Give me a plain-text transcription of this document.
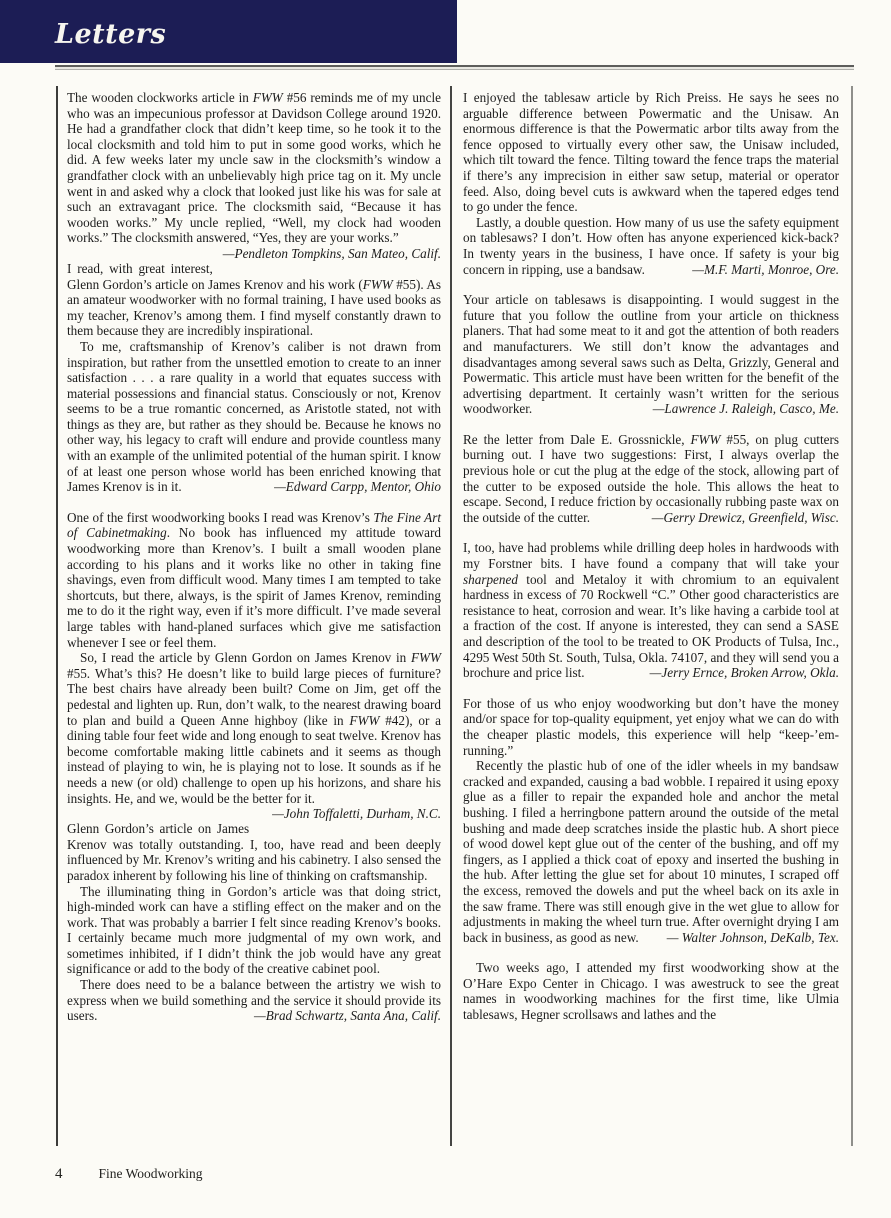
Letters

The wooden clockworks article in FWW #56 reminds me of my uncle who was an impecunious professor at Davidson College around 1920. He had a grandfather clock that didn’t keep time, so he took it to the local clocksmith and told him to put in some good works, which he did. A few weeks later my uncle saw in the clocksmith’s window a grandfather clock with an unbelievably high price tag on it. My uncle went in and asked why a clock that looked just like his was for sale at such an extravagant price. The clocksmith said, “Because it has wooden works.” My uncle replied, “Well, my clock had wooden works.” The clocksmith answered, “Yes, they are your works.”
—Pendleton Tompkins, San Mateo, Calif.

I read, with great interest, Glenn Gordon’s article on James Krenov and his work (FWW #55). As an amateur woodworker with no formal training, I have used books as my teacher, Krenov’s among them. I find myself constantly drawn to them because they are incredibly inspirational.

To me, craftsmanship of Krenov’s caliber is not drawn from inspiration, but rather from the unsettled emotion to create to an inner satisfaction . . . a rare quality in a world that equates success with material possessions and financial status. Consciously or not, Krenov seems to be a true romantic concerned, as Aristotle stated, not with things as they are, but rather as they should be. Because he knows no other way, his legacy to craft will endure and provide countless many with an example of the unlimited potential of the human spirit. I know of at least one person whose world has been enriched knowing that James Krenov is in it.	—Edward Carpp, Mentor, Ohio

One of the first woodworking books I read was Krenov’s The Fine Art of Cabinetmaking. No book has influenced my attitude toward woodworking more than Krenov’s. I built a small wooden plane according to his plans and it works like no other in taking fine shavings, even from difficult wood. Many times I am tempted to take shortcuts, but there, always, is the spirit of James Krenov, reminding me to do it the right way, even if it’s more difficult. I’ve made several large tables with hand-planed surfaces which give me satisfaction whenever I see or feel them.

So, I read the article by Glenn Gordon on James Krenov in FWW #55. What’s this? He doesn’t like to build large pieces of furniture? The best chairs have already been built? Come on Jim, get off the pedestal and lighten up. Run, don’t walk, to the nearest drawing board to plan and build a Queen Anne highboy (like in FWW #42), or a dining table four feet wide and long enough to seat twelve. Krenov has become comfortable making little cabinets and it seems as though instead of playing to win, he is playing not to lose. It sounds as if he needs a new (or old) challenge to open up his horizons, and share his insights. He, and we, would be the better for it.
—John Toffaletti, Durham, N.C.

Glenn Gordon’s article on James Krenov was totally outstanding. I, too, have read and been deeply influenced by Mr. Krenov’s writing and his cabinetry. I also sensed the paradox inherent by following his line of thinking on craftsmanship.

The illuminating thing in Gordon’s article was that doing strict, high-minded work can have a stifling effect on the maker and on the work. That was probably a barrier I felt since reading Krenov’s books. I certainly became much more judgmental of my own work, and sometimes inhibited, if I didn’t think the job would have any great significance or add to the body of the creative cabinet pool.

There does need to be a balance between the artistry we wish to express when we build something and the service it should provide its users.	—Brad Schwartz, Santa Ana, Calif.

I enjoyed the tablesaw article by Rich Preiss. He says he sees no arguable difference between Powermatic and the Unisaw. An enormous difference is that the Powermatic arbor tilts away from the fence opposed to virtually every other saw, the Unisaw included, which tilt toward the fence. Tilting toward the fence traps the material if there’s any imprecision in either saw setup, material or operator feed. Also, doing bevel cuts is awkward when the tapered edges tend to go under the fence.

Lastly, a double question. How many of us use the safety equipment on tablesaws? I don’t. How often has anyone experienced kick-back? In twenty years in the business, I have once. If safety is your big concern in ripping, use a bandsaw.	—M.F. Marti, Monroe, Ore.

Your article on tablesaws is disappointing. I would suggest in the future that you follow the outline from your article on thickness planers. That had some meat to it and got the attention of both readers and manufacturers. We still don’t know the advantages and disadvantages among several saws such as Delta, Grizzly, General and Powermatic. This article must have been written for the benefit of the advertising department. It certainly wasn’t written for the serious woodworker.	—Lawrence J. Raleigh, Casco, Me.

Re the letter from Dale E. Grossnickle, FWW #55, on plug cutters burning out. I have two suggestions: First, I always overlap the previous hole or cut the plug at the edge of the stock, allowing part of the cutter to be exposed outside the hole. This allows the heat to escape. Second, I reduce friction by occasionally rubbing paste wax on the outside of the cutter.	—Gerry Drewicz, Greenfield, Wisc.

I, too, have had problems while drilling deep holes in hardwoods with my Forstner bits. I have found a company that will take your sharpened tool and Metaloy it with chromium to an equivalent hardness in excess of 70 Rockwell “C.” Other good characteristics are resistance to heat, corrosion and wear. It’s like having a carbide tool at a fraction of the cost. If anyone is interested, they can send a SASE and description of the tool to be treated to OK Products of Tulsa, Inc., 4295 West 50th St. South, Tulsa, Okla. 74107, and they will send you a brochure and price list.	—Jerry Ernce, Broken Arrow, Okla.

For those of us who enjoy woodworking but don’t have the money and/or space for top-quality equipment, yet enjoy what we can do with the cheaper plastic models, this experience will help “keep-’em-running.”

Recently the plastic hub of one of the idler wheels in my bandsaw cracked and expanded, causing a bad wobble. I repaired it using epoxy glue as a filler to repair the expanded hole and anchor the metal bushing. I filed a herringbone pattern around the outside of the metal bushing and made deep scratches inside the plastic hub. A short piece of wood dowel kept glue out of the center of the bushing, and off my fingers, as I applied a thick coat of epoxy and inserted the bushing in the hub. After letting the glue set for about 10 minutes, I scraped off the excess, removed the dowels and put the wheel back on its axle in the saw frame. There was still enough give in the wet glue to allow for adjustments in making the wheel turn true. After overnight drying I am back in business, as good as new.	— Walter Johnson, DeKalb, Tex.

Two weeks ago, I attended my first woodworking show at the O’Hare Expo Center in Chicago. I was awestruck to see the great names in woodworking machines for the first time, like Ulmia tablesaws, Hegner scrollsaws and lathes and the

4	Fine Woodworking
